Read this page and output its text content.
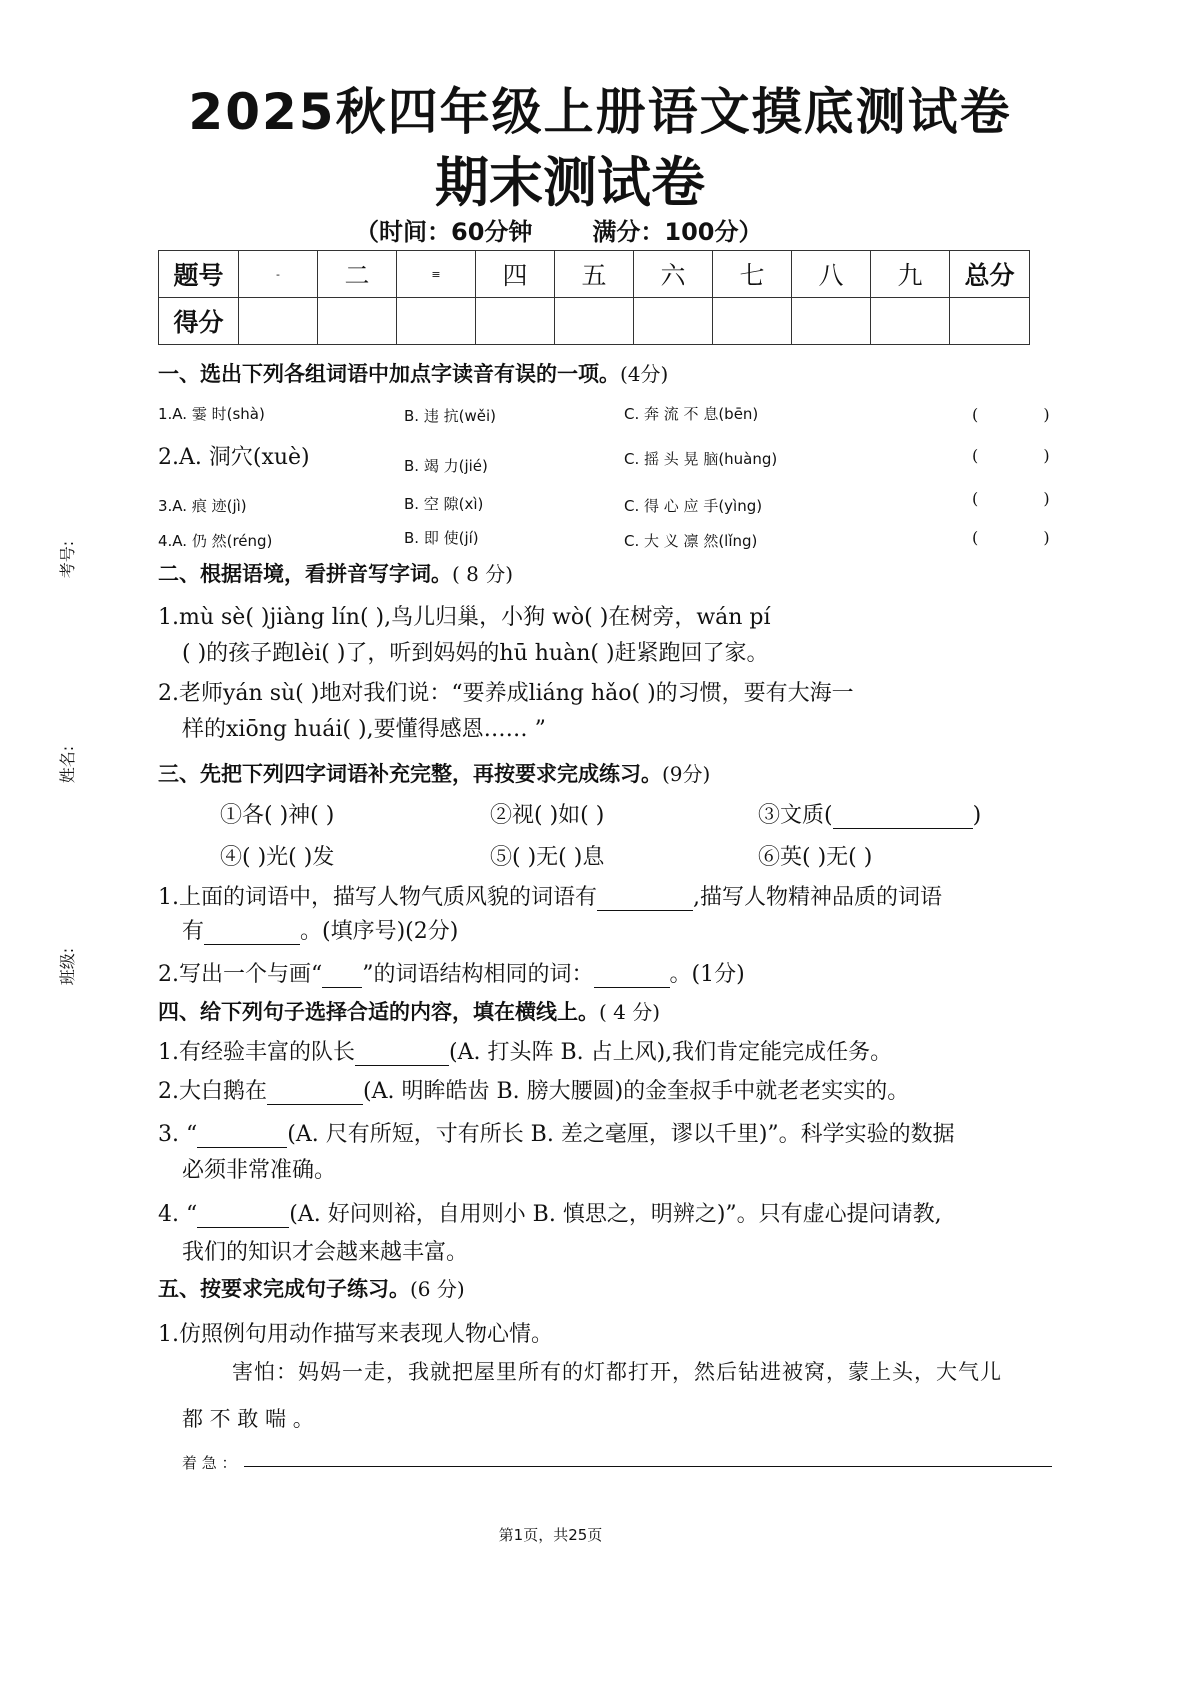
2025秋四年级上册语文摸底测试卷
期末测试卷
（时间：60分钟	满分：100分）
题号	-	二	≡	四	五	六	七	八	九	总分
得分										
考号:
姓名:
班级:
一、选出下列各组词语中加点字读音有误的一项。(4分)
1.A. 霎 时(shà)	B. 违 抗(wěi)	C. 奔 流 不 息(bēn)	( )
2.A. 洞穴(xuè)	B. 竭 力(jié)	C. 摇 头 晃 脑(huàng)	( )
3.A. 痕 迹(jì)	B. 空 隙(xì)	C. 得 心 应 手(yìng)	( )
4.A. 仍 然(réng)	B. 即 使(jí)	C. 大 义 凛 然(lǐng)	( )
二、根据语境，看拼音写字词。( 8 分)
1.mù sè( )jiàng lín( ),鸟儿归巢，小狗 wò( )在树旁，wán pí
( )的孩子跑lèi( )了，听到妈妈的hū huàn( )赶紧跑回了家。
2.老师yán sù( )地对我们说：“要养成liáng hǎo( )的习惯，要有大海一
样的xiōng huái( ),要懂得感恩…… ”
三、先把下列四字词语补充完整，再按要求完成练习。(9分)
①各( )神( )	②视( )如( )	③文质(	)
④( )光( )发	⑤( )无( )息	⑥英( )无( )
1.上面的词语中，描写人物气质风貌的词语有	,描写人物精神品质的词语
有	。(填序号)(2分)
2.写出一个与画“ ”的词语结构相同的词：	。(1分)
四、给下列句子选择合适的内容，填在横线上。( 4 分)
1.有经验丰富的队长	(A. 打头阵 B. 占上风),我们肯定能完成任务。
2.大白鹅在	(A. 明眸皓齿 B. 膀大腰圆)的金奎叔手中就老老实实的。
3. “	(A. 尺有所短，寸有所长 B. 差之毫厘，谬以千里)”。科学实验的数据
必须非常准确。
4. “	(A. 好问则裕，自用则小 B. 慎思之，明辨之)”。只有虚心提问请教,
我们的知识才会越来越丰富。
五、按要求完成句子练习。(6 分)
1.仿照例句用动作描写来表现人物心情。
害怕：妈妈一走，我就把屋里所有的灯都打开，然后钻进被窝，蒙上头，大气儿
都 不 敢 喘 。
着 急 ：
第1页，共25页
